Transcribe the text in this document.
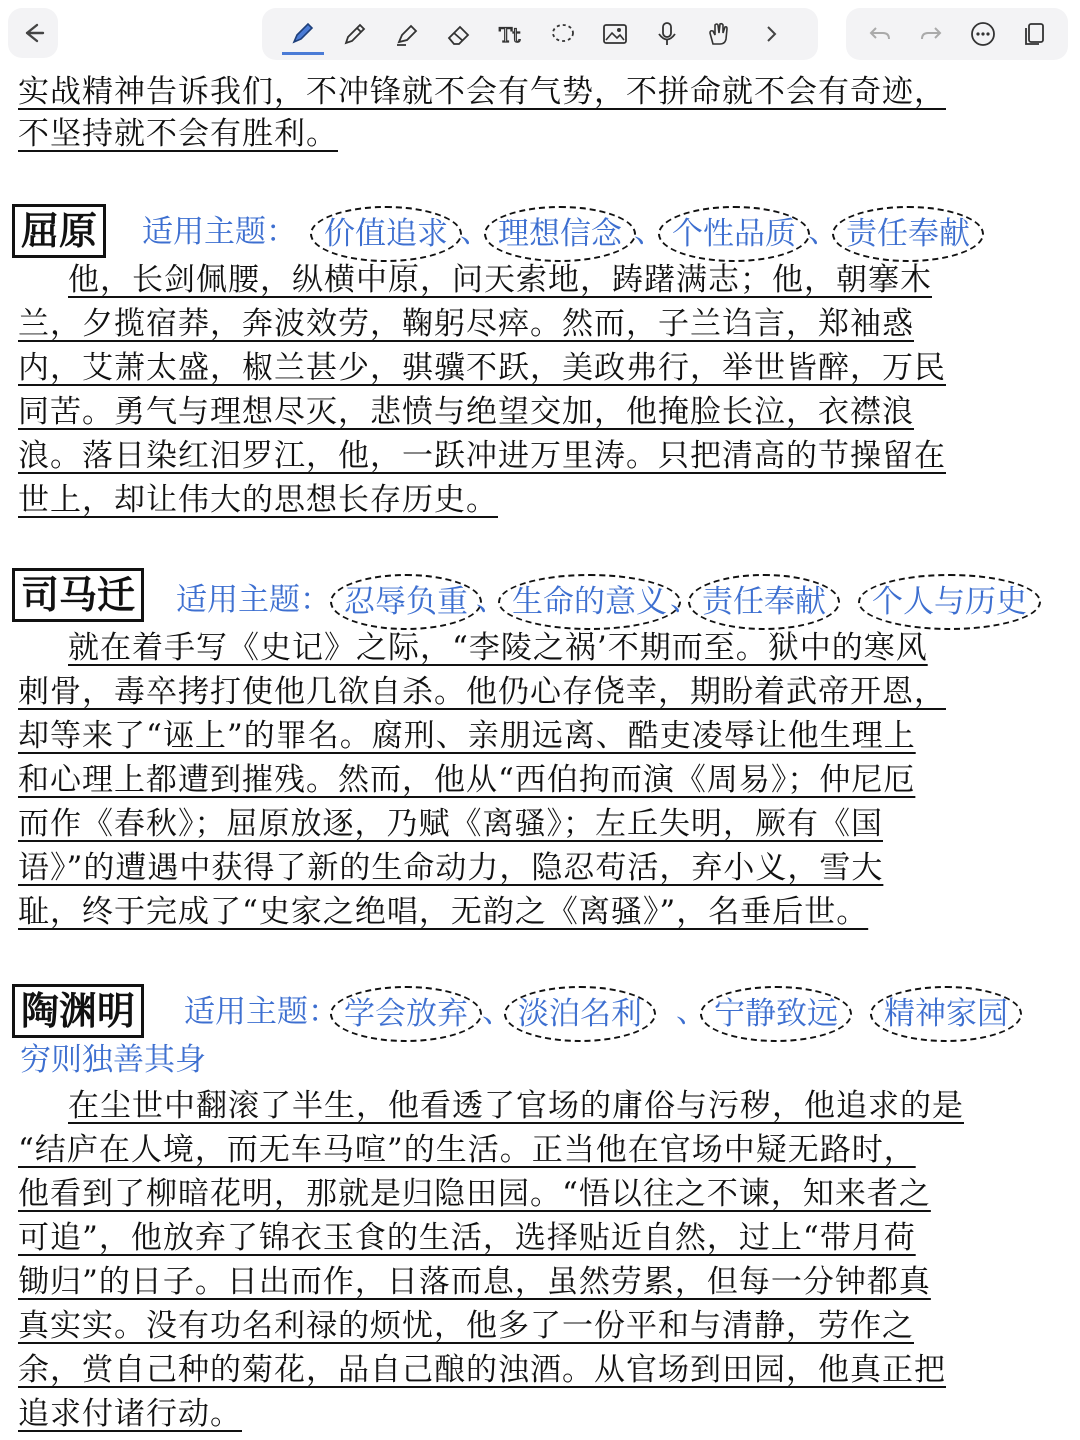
Tt
实战精神告诉我们，不冲锋就不会有气势，不拼命就不会有奇迹，
不坚持就不会有胜利。
屈原 适用主题： 价值追求 、 理想信念 、 个性品质 、 责任奉献
他，长剑佩腰，纵横中原，问天索地，踌躇满志；他，朝搴木
兰，夕揽宿莽，奔波效劳，鞠躬尽瘁。然而，子兰诌言，郑袖惑
内，艾萧太盛，椒兰甚少，骐骥不跃，美政弗行，举世皆醉，万民
同苦。勇气与理想尽灭，悲愤与绝望交加，他掩脸长泣，衣襟浪
浪。落日染红汨罗江，他，一跃冲进万里涛。只把清高的节操留在
世上，却让伟大的思想长存历史。
司马迁 适用主题： 忍辱负重 、 生命的意义 、 责任奉献	个人与历史
就在着手写《史记》之际，“李陵之祸’不期而至。狱中的寒风
刺骨，毒卒拷打使他几欲自杀。他仍心存侥幸，期盼着武帝开恩，
却等来了“诬上”的罪名。腐刑、亲朋远离、酷吏凌辱让他生理上
和心理上都遭到摧残。然而，他从“西伯拘而演《周易》；仲尼厄
而作《春秋》；屈原放逐，乃赋《离骚》；左丘失明，厥有《国
语》”的遭遇中获得了新的生命动力，隐忍苟活，弃小义，雪大
耻，终于完成了“史家之绝唱，无韵之《离骚》”，名垂后世。
陶渊明 适用主题： 学会放弃 、 淡泊名利	、 宁静致远	精神家园
穷则独善其身
在尘世中翻滚了半生，他看透了官场的庸俗与污秽，他追求的是
“结庐在人境，而无车马喧”的生活。正当他在官场中疑无路时，
他看到了柳暗花明，那就是归隐田园。“悟以往之不谏，知来者之
可追”，他放弃了锦衣玉食的生活，选择贴近自然，过上“带月荷
锄归”的日子。日出而作，日落而息，虽然劳累，但每一分钟都真
真实实。没有功名利禄的烦忧，他多了一份平和与清静，劳作之
余，赏自己种的菊花，品自己酿的浊酒。从官场到田园，他真正把
追求付诸行动。
